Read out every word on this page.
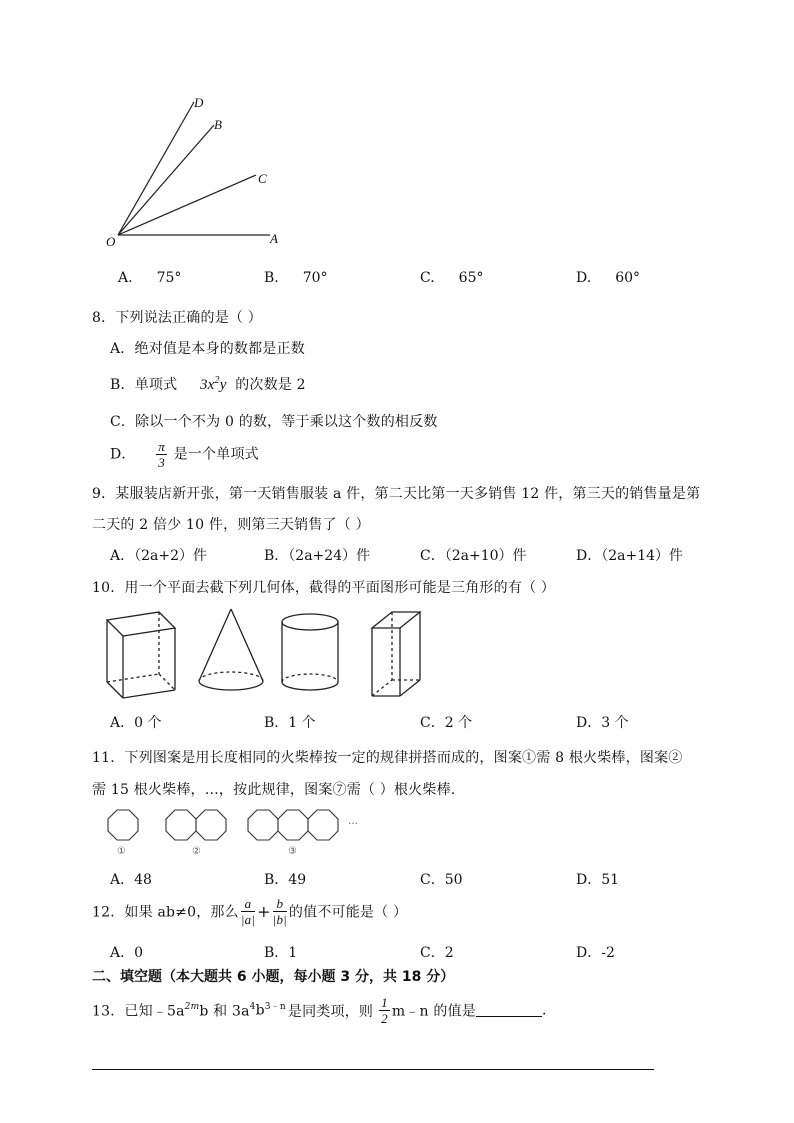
D
B
C
O	A
A. 75°	B. 70°	C. 65°	D. 60°
8．下列说法正确的是（ ）
A．绝对值是本身的数都是正数
B．单项式 $3x^2y$ 的次数是 2
C．除以一个不为 0 的数，等于乘以这个数的相反数
D． $\frac{\pi}{3}$ 是一个单项式
9．某服装店新开张，第一天销售服装 a 件，第二天比第一天多销售 12 件，第三天的销售量是第
二天的 2 倍少 10 件，则第三天销售了（ ）
A．（2a+2）件	B．（2a+24）件	C．（2a+10）件	D．（2a+14）件
10．用一个平面去截下列几何体，截得的平面图形可能是三角形的有（ ）
A．0 个	B．1 个	C．2 个	D．3 个
11．下列图案是用长度相同的火柴棒按一定的规律拼搭而成的，图案①需 8 根火柴棒，图案②
需 15 根火柴棒，…，按此规律，图案⑦需（ ）根火柴棒.
①	②	③
…
A．48	B．49	C．50	D．51
12．如果 ab≠0，那么 $\frac{a}{|a|} + \frac{b}{|b|}$ 的值不可能是（ ）
A．0	B．1	C．2	D．-2
二、填空题（本大题共 6 小题，每小题 3 分，共 18 分）
13．已知$﹣5a^{2m}b$ 和 $3a^4b^{3﹣n}$ 是同类项，则 $\frac{1}{2}$ m﹣n 的值是	.
